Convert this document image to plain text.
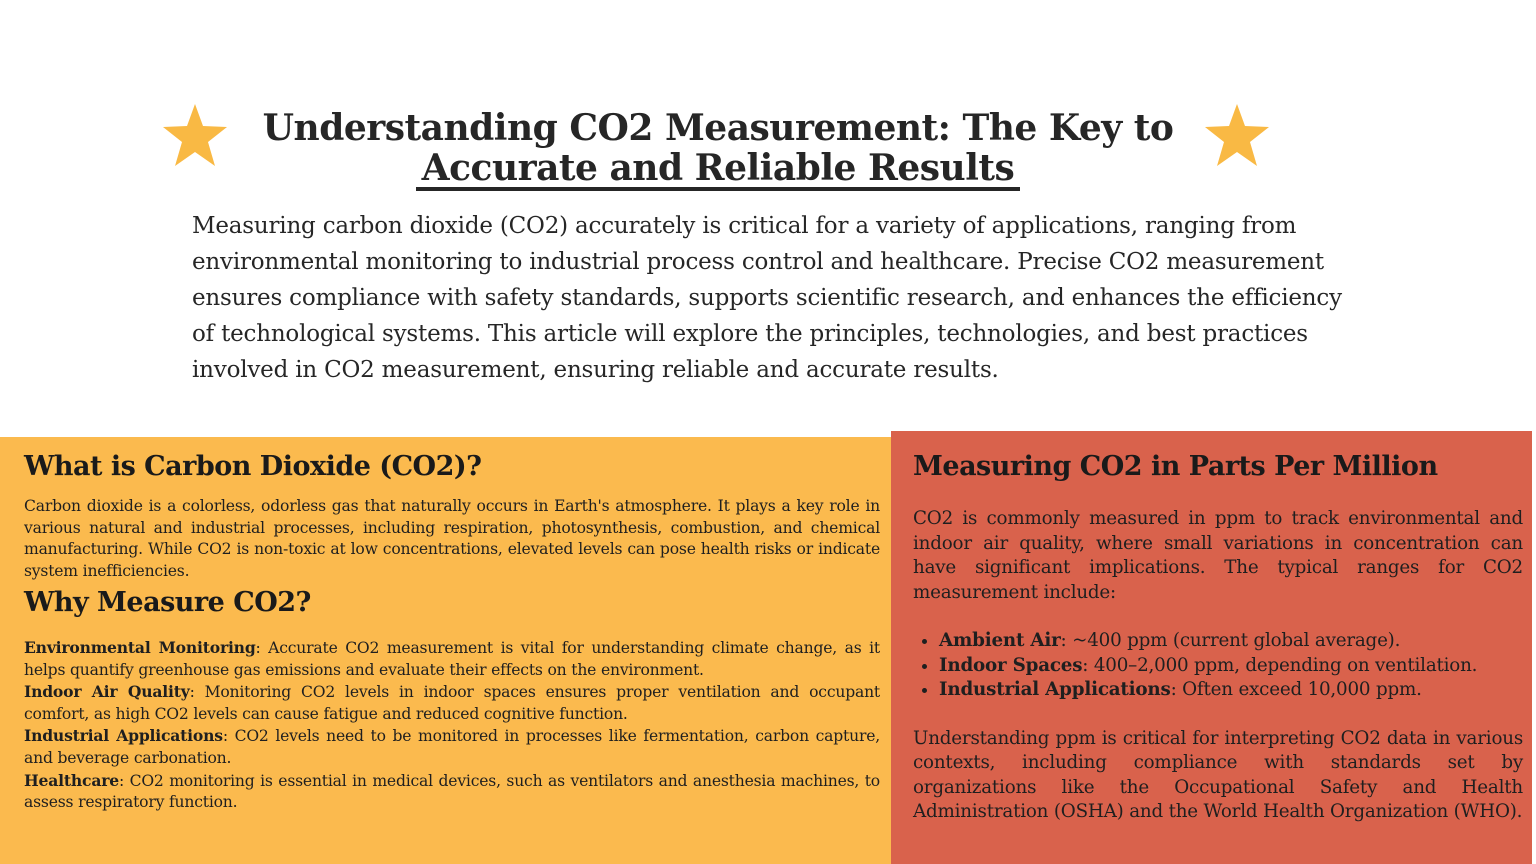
Understanding CO2 Measurement: The Key to
Accurate and Reliable Results
Measuring carbon dioxide (CO2) accurately is critical for a variety of applications, ranging from environmental monitoring to industrial process control and healthcare. Precise CO2 measurement ensures compliance with safety standards, supports scientific research, and enhances the efficiency of technological systems. This article will explore the principles, technologies, and best practices involved in CO2 measurement, ensuring reliable and accurate results.
What is Carbon Dioxide (CO2)?

Carbon dioxide is a colorless, odorless gas that naturally occurs in Earth's atmosphere. It plays a key role in various natural and industrial processes, including respiration, photosynthesis, combustion, and chemical manufacturing. While CO2 is non-toxic at low concentrations, elevated levels can pose health risks or indicate system inefficiencies.

Why Measure CO2?

Environmental Monitoring: Accurate CO2 measurement is vital for understanding climate change, as it helps quantify greenhouse gas emissions and evaluate their effects on the environment.

Indoor Air Quality: Monitoring CO2 levels in indoor spaces ensures proper ventilation and occupant comfort, as high CO2 levels can cause fatigue and reduced cognitive function.

Industrial Applications: CO2 levels need to be monitored in processes like fermentation, carbon capture, and beverage carbonation.

Healthcare: CO2 monitoring is essential in medical devices, such as ventilators and anesthesia machines, to assess respiratory function.

Measuring CO2 in Parts Per Million

CO2 is commonly measured in ppm to track environmental and indoor air quality, where small variations in concentration can have significant implications. The typical ranges for CO2 measurement include:

• Ambient Air: ~400 ppm (current global average).
• Indoor Spaces: 400–2,000 ppm, depending on ventilation.
• Industrial Applications: Often exceed 10,000 ppm.

Understanding ppm is critical for interpreting CO2 data in various contexts, including compliance with standards set by organizations like the Occupational Safety and Health Administration (OSHA) and the World Health Organization (WHO).
